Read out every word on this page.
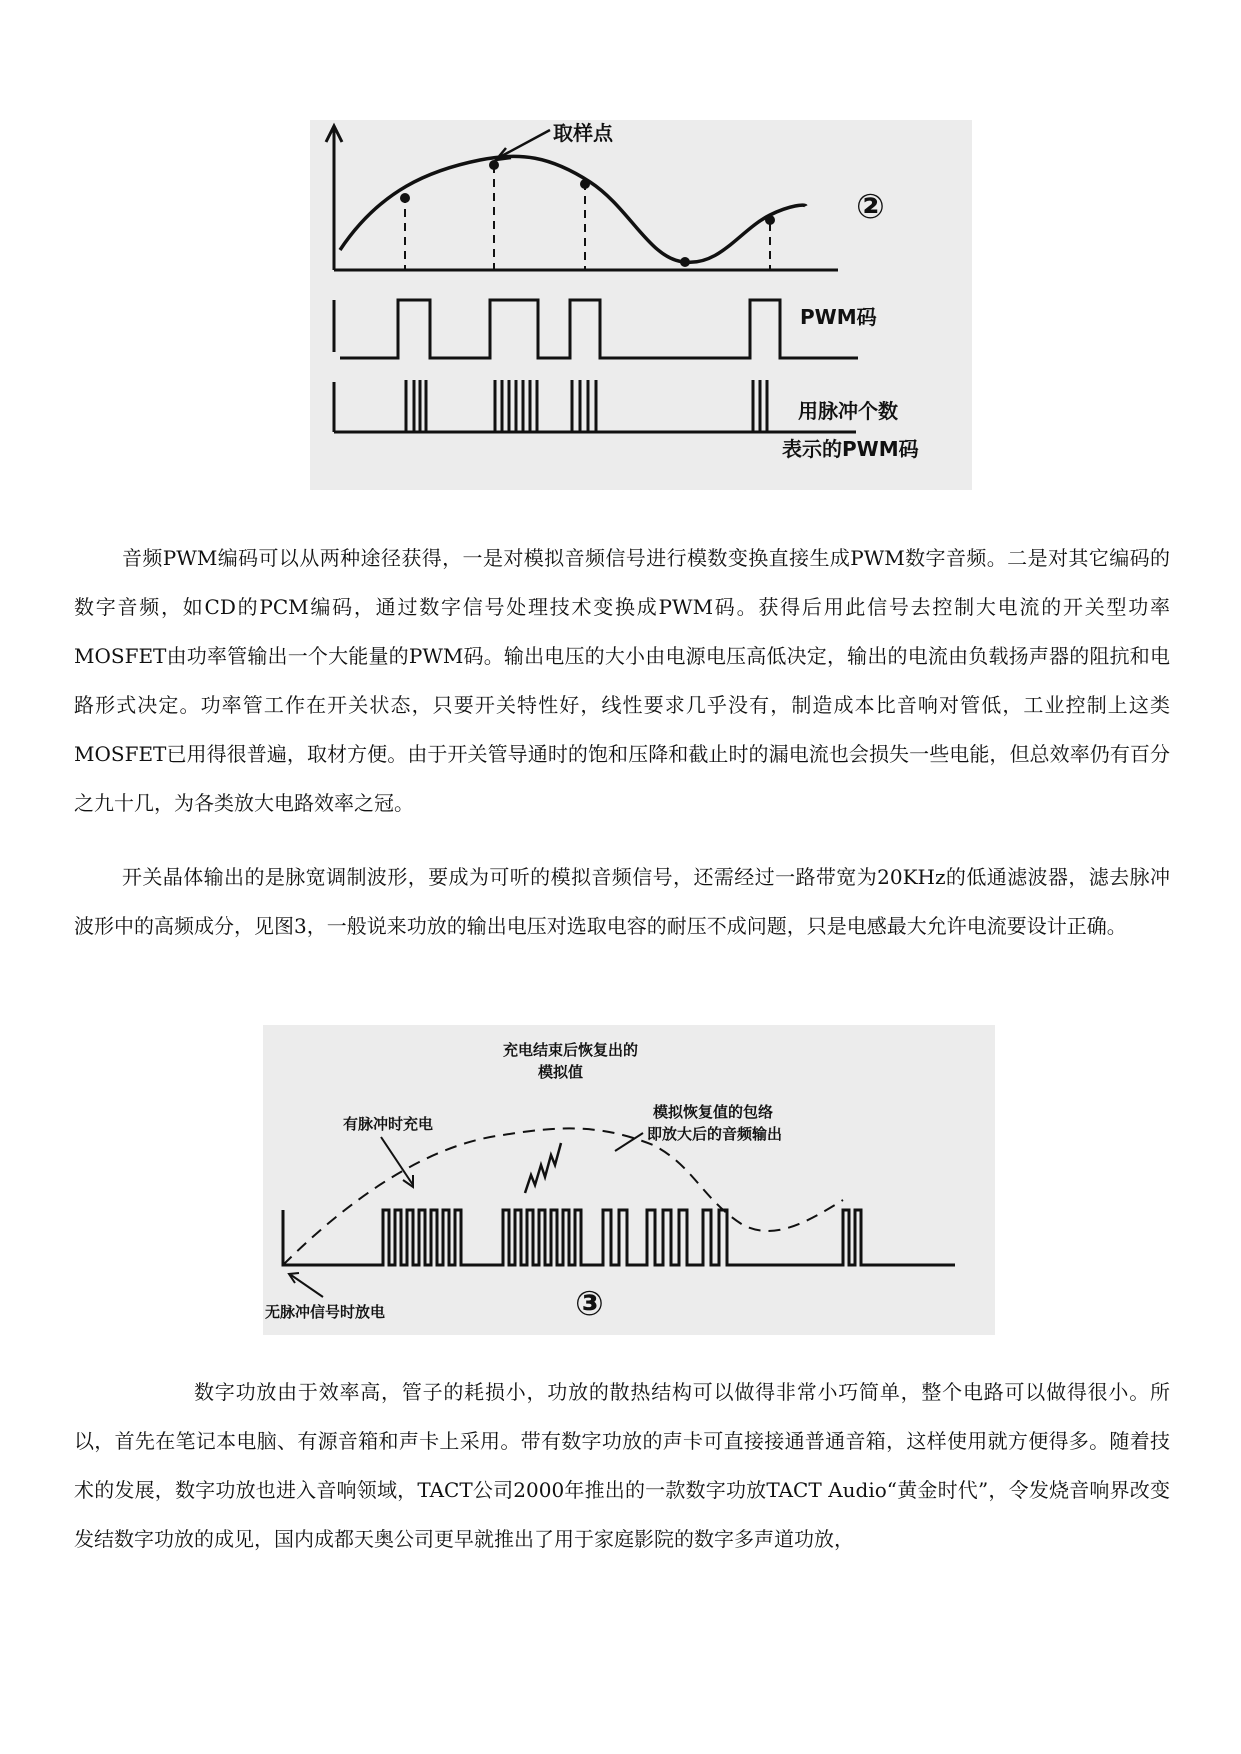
取样点
②
PWM码
用脉冲个数
表示的PWM码

音频PWM编码可以从两种途径获得，一是对模拟音频信号进行模数变换直接生成PWM数字音频。二是对其它编码的数字音频，如CD的PCM编码，通过数字信号处理技术变换成PWM码。获得后用此信号去控制大电流的开关型功率MOSFET由功率管输出一个大能量的PWM码。输出电压的大小由电源电压高低决定，输出的电流由负载扬声器的阻抗和电路形式决定。功率管工作在开关状态，只要开关特性好，线性要求几乎没有，制造成本比音响对管低，工业控制上这类MOSFET已用得很普遍，取材方便。由于开关管导通时的饱和压降和截止时的漏电流也会损失一些电能，但总效率仍有百分之九十几，为各类放大电路效率之冠。

开关晶体输出的是脉宽调制波形，要成为可听的模拟音频信号，还需经过一路带宽为20KHz的低通滤波器，滤去脉冲波形中的高频成分，见图3，一般说来功放的输出电压对选取电容的耐压不成问题，只是电感最大允许电流要设计正确。

充电结束后恢复出的
模拟值
有脉冲时充电
模拟恢复值的包络
即放大后的音频输出
无脉冲信号时放电	③

数字功放由于效率高，管子的耗损小，功放的散热结构可以做得非常小巧简单，整个电路可以做得很小。所以，首先在笔记本电脑、有源音箱和声卡上采用。带有数字功放的声卡可直接接通普通音箱，这样使用就方便得多。随着技术的发展，数字功放也进入音响领域，TACT公司2000年推出的一款数字功放TACT Audio“黄金时代”，令发烧音响界改变发结数字功放的成见，国内成都天奥公司更早就推出了用于家庭影院的数字多声道功放，
